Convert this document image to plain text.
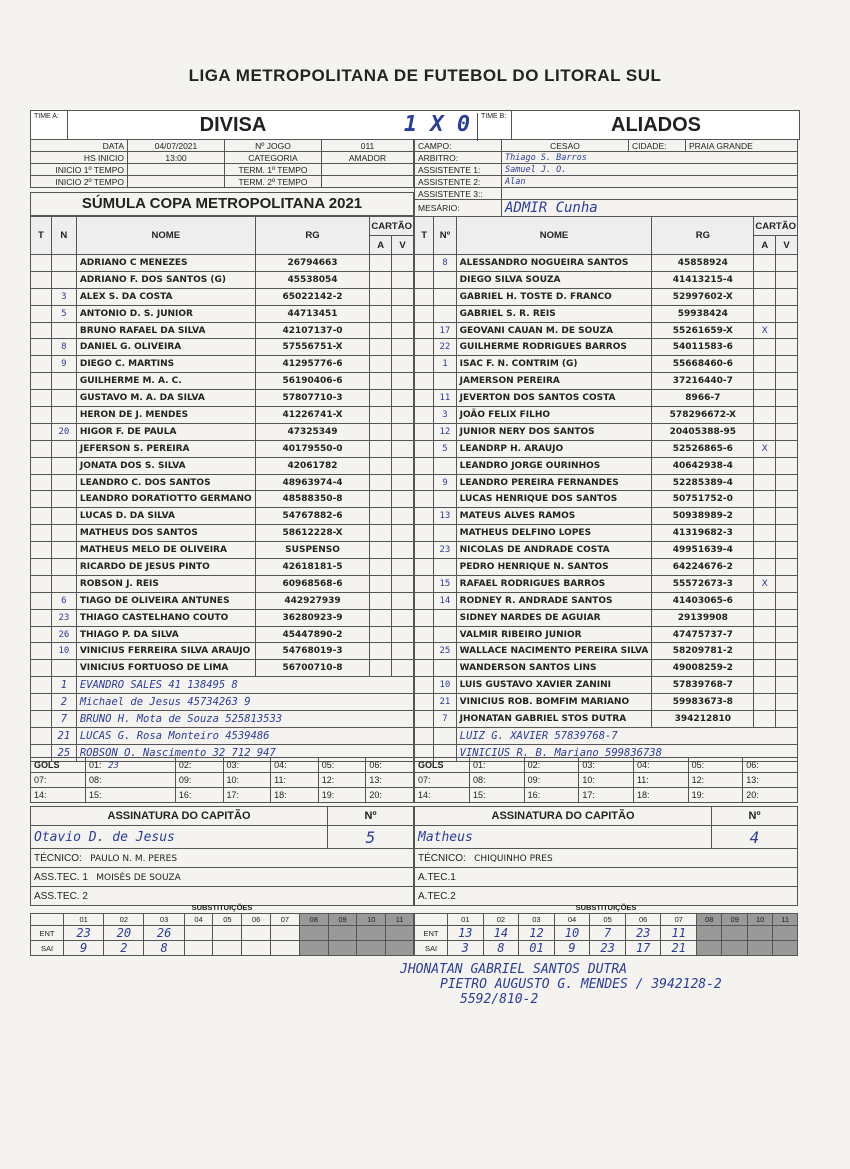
LIGA METROPOLITANA DE FUTEBOL DO LITORAL SUL
TIME A:	DIVISA	1 X 0	TIME B:	ALIADOS
DATA	04/07/2021	Nº JOGO	011
HS INICIO	13:00	CATEGORIA	AMADOR
INICIO 1º TEMPO		TERM. 1º TEMPO	
INICIO 2º TEMPO		TERM. 2º TEMPO	
CAMPO:	CESAO	CIDADE:	PRAIA GRANDE
ARBITRO:	Thiago S. Barros		
ASSISTENTE 1:	Samuel J. O.		
ASSISTENTE 2:	Alan		
ASSISTENTE 3::			
MESÁRIO:	ADMIR Cunha		
SÚMULA COPA METROPOLITANA 2021
T	N	NOME	RG	CARTÃO	
				A	V
		ADRIANO C MENEZES	26794663		
		ADRIANO F. DOS SANTOS (G)	45538054		
	3	ALEX S. DA COSTA	65022142-2		
	5	ANTONIO D. S. JUNIOR	44713451		
		BRUNO RAFAEL DA SILVA	42107137-0		
	8	DANIEL G. OLIVEIRA	57556751-X		
	9	DIEGO C. MARTINS	41295776-6		
		GUILHERME M. A. C.	56190406-6		
		GUSTAVO M. A. DA SILVA	57807710-3		
		HERON DE J. MENDES	41226741-X		
	20	HIGOR F. DE PAULA	47325349		
		JEFERSON S. PEREIRA	40179550-0		
		JONATA DOS S. SILVA	42061782		
		LEANDRO C. DOS SANTOS	48963974-4		
		LEANDRO DORATIOTTO GERMANO	48588350-8		
		LUCAS D. DA SILVA	54767882-6		
		MATHEUS DOS SANTOS	58612228-X		
		MATHEUS MELO DE OLIVEIRA	SUSPENSO		
		RICARDO DE JESUS PINTO	42618181-5		
		ROBSON J. REIS	60968568-6		
	6	TIAGO DE OLIVEIRA ANTUNES	442927939		
	23	THIAGO CASTELHANO COUTO	36280923-9		
	26	THIAGO P. DA SILVA	45447890-2		
	10	VINICIUS FERREIRA SILVA ARAUJO	54768019-3		
		VINICIUS FORTUOSO DE LIMA	56700710-8		
	1	EVANDRO SALES 41 138495 8			
	2	Michael de Jesus 45734263 9			
	7	BRUNO H. Mota de Souza 525813533			
	21	LUCAS G. Rosa Monteiro 4539486			
	25	ROBSON O. Nascimento 32 712 947			
T	Nº	NOME	RG	CARTÃO	
				A	V
	8	ALESSANDRO NOGUEIRA SANTOS	45858924		
		DIEGO SILVA SOUZA	41413215-4		
		GABRIEL H. TOSTE D. FRANCO	52997602-X		
		GABRIEL S. R. REIS	59938424		
	17	GEOVANI CAUAN M. DE SOUZA	55261659-X	X	
	22	GUILHERME RODRIGUES BARROS	54011583-6		
	1	ISAC F. N. CONTRIM (G)	55668460-6		
		JAMERSON PEREIRA	37216440-7		
	11	JEVERTON DOS SANTOS COSTA	8966-7		
	3	JOÃO FELIX FILHO	578296672-X		
	12	JUNIOR NERY DOS SANTOS	20405388-95		
	5	LEANDRP H. ARAUJO	52526865-6	X	
		LEANDRO JORGE OURINHOS	40642938-4		
	9	LEANDRO PEREIRA FERNANDES	52285389-4		
		LUCAS HENRIQUE DOS SANTOS	50751752-0		
	13	MATEUS ALVES RAMOS	50938989-2		
		MATHEUS DELFINO LOPES	41319682-3		
	23	NICOLAS DE ANDRADE COSTA	49951639-4		
		PEDRO HENRIQUE N. SANTOS	64224676-2		
	15	RAFAEL RODRIGUES BARROS	55572673-3	X	
	14	RODNEY R. ANDRADE SANTOS	41403065-6		
		SIDNEY NARDES DE AGUIAR	29139908		
		VALMIR RIBEIRO JUNIOR	47475737-7		
	25	WALLACE NACIMENTO PEREIRA SILVA	58209781-2		
		WANDERSON SANTOS LINS	49008259-2		
	10	LUIS GUSTAVO XAVIER ZANINI	57839768-7		
	21	VINICIUS ROB. BOMFIM MARIANO	59983673-8		
	7	JHONATAN GABRIEL STOS DUTRA	394212810		
		LUIZ G. XAVIER 57839768-7			
		VINICIUS R. B. Mariano 599836738			
GOLS	01: 23	02:	03:	04:	05:	06:
07:	08:	09:	10:	11:	12:	13:
14:	15:	16:	17:	18:	19:	20:
GOLS	01:	02:	03:	04:	05:	06:
07:	08:	09:	10:	11:	12:	13:
14:	15:	16:	17:	18:	19:	20:
ASSINATURA DO CAPITÃO	Nº
Otavio D. de Jesus	5
TÉCNICO: PAULO N. M. PERES	
ASS.TEC. 1 MOISÉS DE SOUZA	
ASS.TEC. 2	
ASSINATURA DO CAPITÃO	Nº
Matheus	4
TÉCNICO: CHIQUINHO PRES	
A.TEC.1	
A.TEC.2	
SUBSTITUIÇÕES											
	01	02	03	04	05	06	07	08	09	10	11
ENT	23	20	26								
SAI	9	2	8								
SUBSTITUIÇÕES											
	01	02	03	04	05	06	07	08	09	10	11
ENT	13	14	12	10	7	23	11				
SAI	3	8	01	9	23	17	21				
JHONATAN GABRIEL SANTOS DUTRA
PIETRO AUGUSTO G. MENDES / 3942128-2
5592/810-2
